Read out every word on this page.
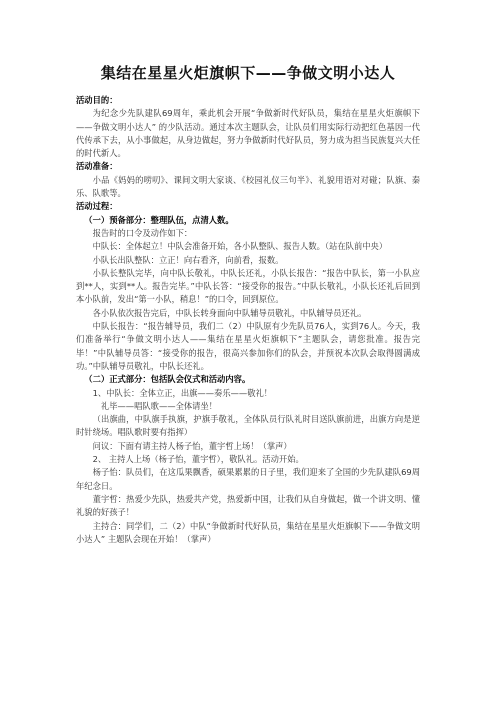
集结在星星火炬旗帜下——争做文明小达人

活动目的：

为纪念少先队建队69周年，乘此机会开展“争做新时代好队员，集结在星星火炬旗帜下——争做文明小达人” 的少队活动。通过本次主题队会，让队员们用实际行动把红色基因一代代传承下去，从小事做起，从身边做起，努力争做新时代好队员，努力成为担当民族复兴大任的时代新人。

活动准备：

小品《妈妈的唠叨》、课间文明大家谈、《校园礼仪三句半》、礼貌用语对对碰；队旗、秦乐、队歌等。

活动过程：

（一）预备部分：整理队伍，点清人数。

报告时的口令及动作如下：

中队长：全体起立！中队会准备开始，各小队整队、报告人数。（站在队前中央）

小队长出队整队：立正！向右看齐，向前看，报数。

小队长整队完毕，向中队长敬礼，中队长还礼，小队长报告：“报告中队长，第一小队应到**人，实到**人。报告完毕。”中队长答：“接受你的报告。”中队长敬礼，小队长还礼后回到本小队前，发出“第一小队，稍息！”的口令，回到原位。

各小队依次报告完后，中队长转身面向中队辅导员敬礼，中队辅导员还礼。

中队长报告：“报告辅导员，我们二（2）中队原有少先队员76人，实到76人。今天，我们准备举行“争做文明小达人——集结在星星火炬旗帜下”主题队会，请您批准。报告完毕！”中队辅导员答：“接受你的报告，很高兴参加你们的队会，并预祝本次队会取得圆满成功。”中队辅导员敬礼，中队长还礼。

（二）正式部分：包括队会仪式和活动内容。

1、中队长：全体立正，出旗——奏乐——敬礼！

礼毕——唱队歌——全体请坐！

（出旗曲，中队旗手执旗，护旗手敬礼，全体队员行队礼时目送队旗前进，出旗方向是逆时针绕场。唱队歌时要有指挥）

问议：下面有请主持人杨子怡，董宇哲上场！（掌声）

2、 主持人上场（杨子怡，董宇哲），敬队礼。活动开始。

杨子怡：队员们，在这瓜果飘香，硕果累累的日子里，我们迎来了全国的少先队建队69周年纪念日。

董宇哲：热爱少先队，热爱共产党，热爱新中国，让我们从自身做起，做一个讲文明、懂礼貌的好孩子！

主持合：同学们，二（2）中队“争做新时代好队员，集结在星星火炬旗帜下——争做文明小达人” 主题队会现在开始！（掌声）
